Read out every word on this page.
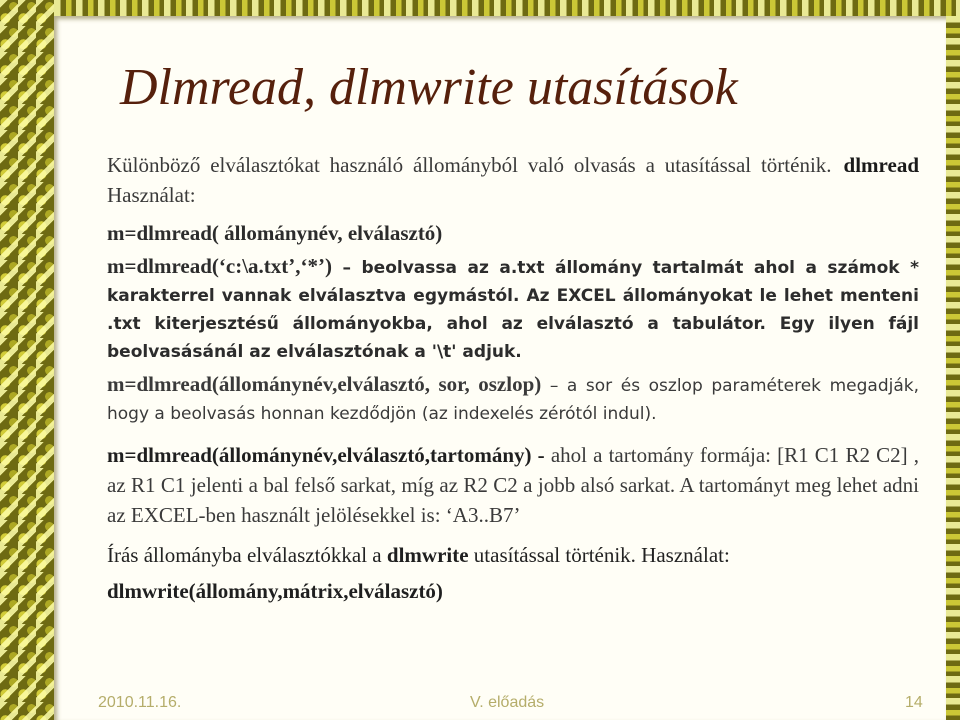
Dlmread, dlmwrite utasítások

dlmread
Különböző elválasztókat használó állományból való olvasás a utasítással történik. Használat:

m=dlmread( állománynév, elválasztó)

m=dlmread(‘c:\a.txt’,‘*’) – beolvassa az a.txt állomány tartalmát ahol a számok * karakterrel vannak elválasztva egymástól. Az EXCEL állományokat le lehet menteni .txt kiterjesztésű állományokba, ahol az elválasztó a tabulátor. Egy ilyen fájl beolvasásánál az elválasztónak a '\t' adjuk.

m=dlmread(állománynév,elválasztó, sor, oszlop) – a sor és oszlop paraméterek megadják, hogy a beolvasás honnan kezdődjön (az indexelés zérótól indul).

m=dlmread(állománynév,elválasztó,tartomány) - ahol a tartomány formája: [R1 C1 R2 C2] , az R1 C1 jelenti a bal felső sarkat, míg az R2 C2 a jobb alsó sarkat. A tartományt meg lehet adni az EXCEL-ben használt jelölésekkel is: ‘A3..B7’

Írás állományba elválasztókkal a dlmwrite utasítással történik. Használat:

dlmwrite(állomány,mátrix,elválasztó)

2010.11.16.	V. előadás	14
